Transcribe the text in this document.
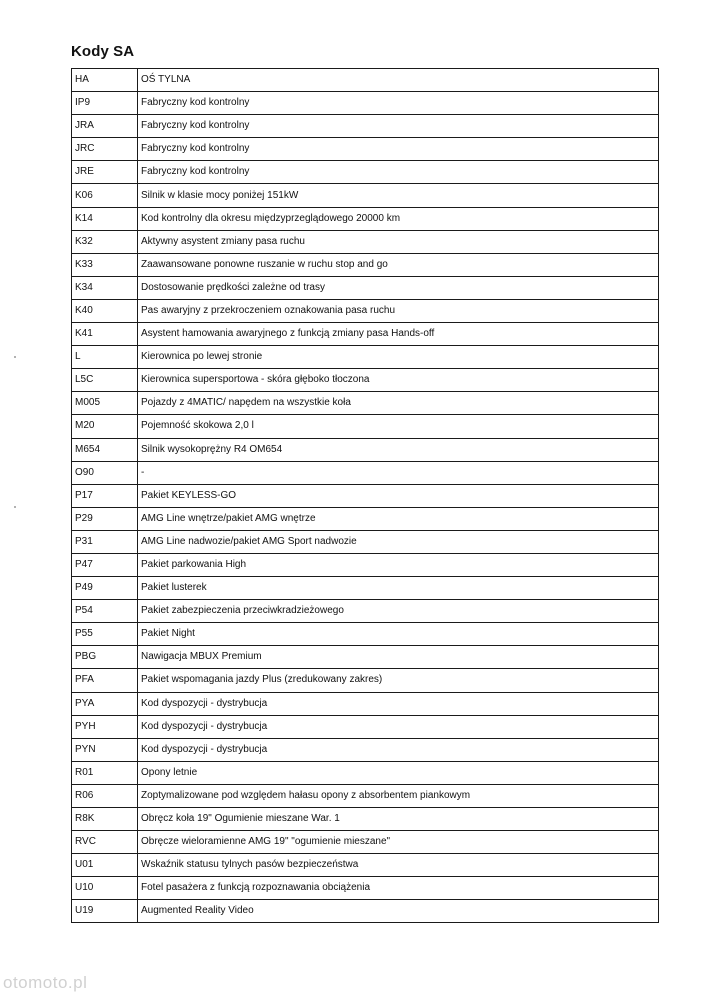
Kody SA
HA	OŚ TYLNA
IP9	Fabryczny kod kontrolny
JRA	Fabryczny kod kontrolny
JRC	Fabryczny kod kontrolny
JRE	Fabryczny kod kontrolny
K06	Silnik w klasie mocy poniżej 151kW
K14	Kod kontrolny dla okresu międzyprzeglądowego 20000 km
K32	Aktywny asystent zmiany pasa ruchu
K33	Zaawansowane ponowne ruszanie w ruchu stop and go
K34	Dostosowanie prędkości zależne od trasy
K40	Pas awaryjny z przekroczeniem oznakowania pasa ruchu
K41	Asystent hamowania awaryjnego z funkcją zmiany pasa Hands-off
L	Kierownica po lewej stronie
L5C	Kierownica supersportowa - skóra głęboko tłoczona
M005	Pojazdy z 4MATIC/ napędem na wszystkie koła
M20	Pojemność skokowa 2,0 l
M654	Silnik wysokoprężny R4 OM654
O90	-
P17	Pakiet KEYLESS-GO
P29	AMG Line wnętrze/pakiet AMG wnętrze
P31	AMG Line nadwozie/pakiet AMG Sport nadwozie
P47	Pakiet parkowania High
P49	Pakiet lusterek
P54	Pakiet zabezpieczenia przeciwkradzieżowego
P55	Pakiet Night
PBG	Nawigacja MBUX Premium
PFA	Pakiet wspomagania jazdy Plus (zredukowany zakres)
PYA	Kod dyspozycji - dystrybucja
PYH	Kod dyspozycji - dystrybucja
PYN	Kod dyspozycji - dystrybucja
R01	Opony letnie
R06	Zoptymalizowane pod względem hałasu opony z absorbentem piankowym
R8K	Obręcz koła 19" Ogumienie mieszane War. 1
RVC	Obręcze wieloramienne AMG 19" "ogumienie mieszane"
U01	Wskaźnik statusu tylnych pasów bezpieczeństwa
U10	Fotel pasażera z funkcją rozpoznawania obciążenia
U19	Augmented Reality Video
otomoto.pl
